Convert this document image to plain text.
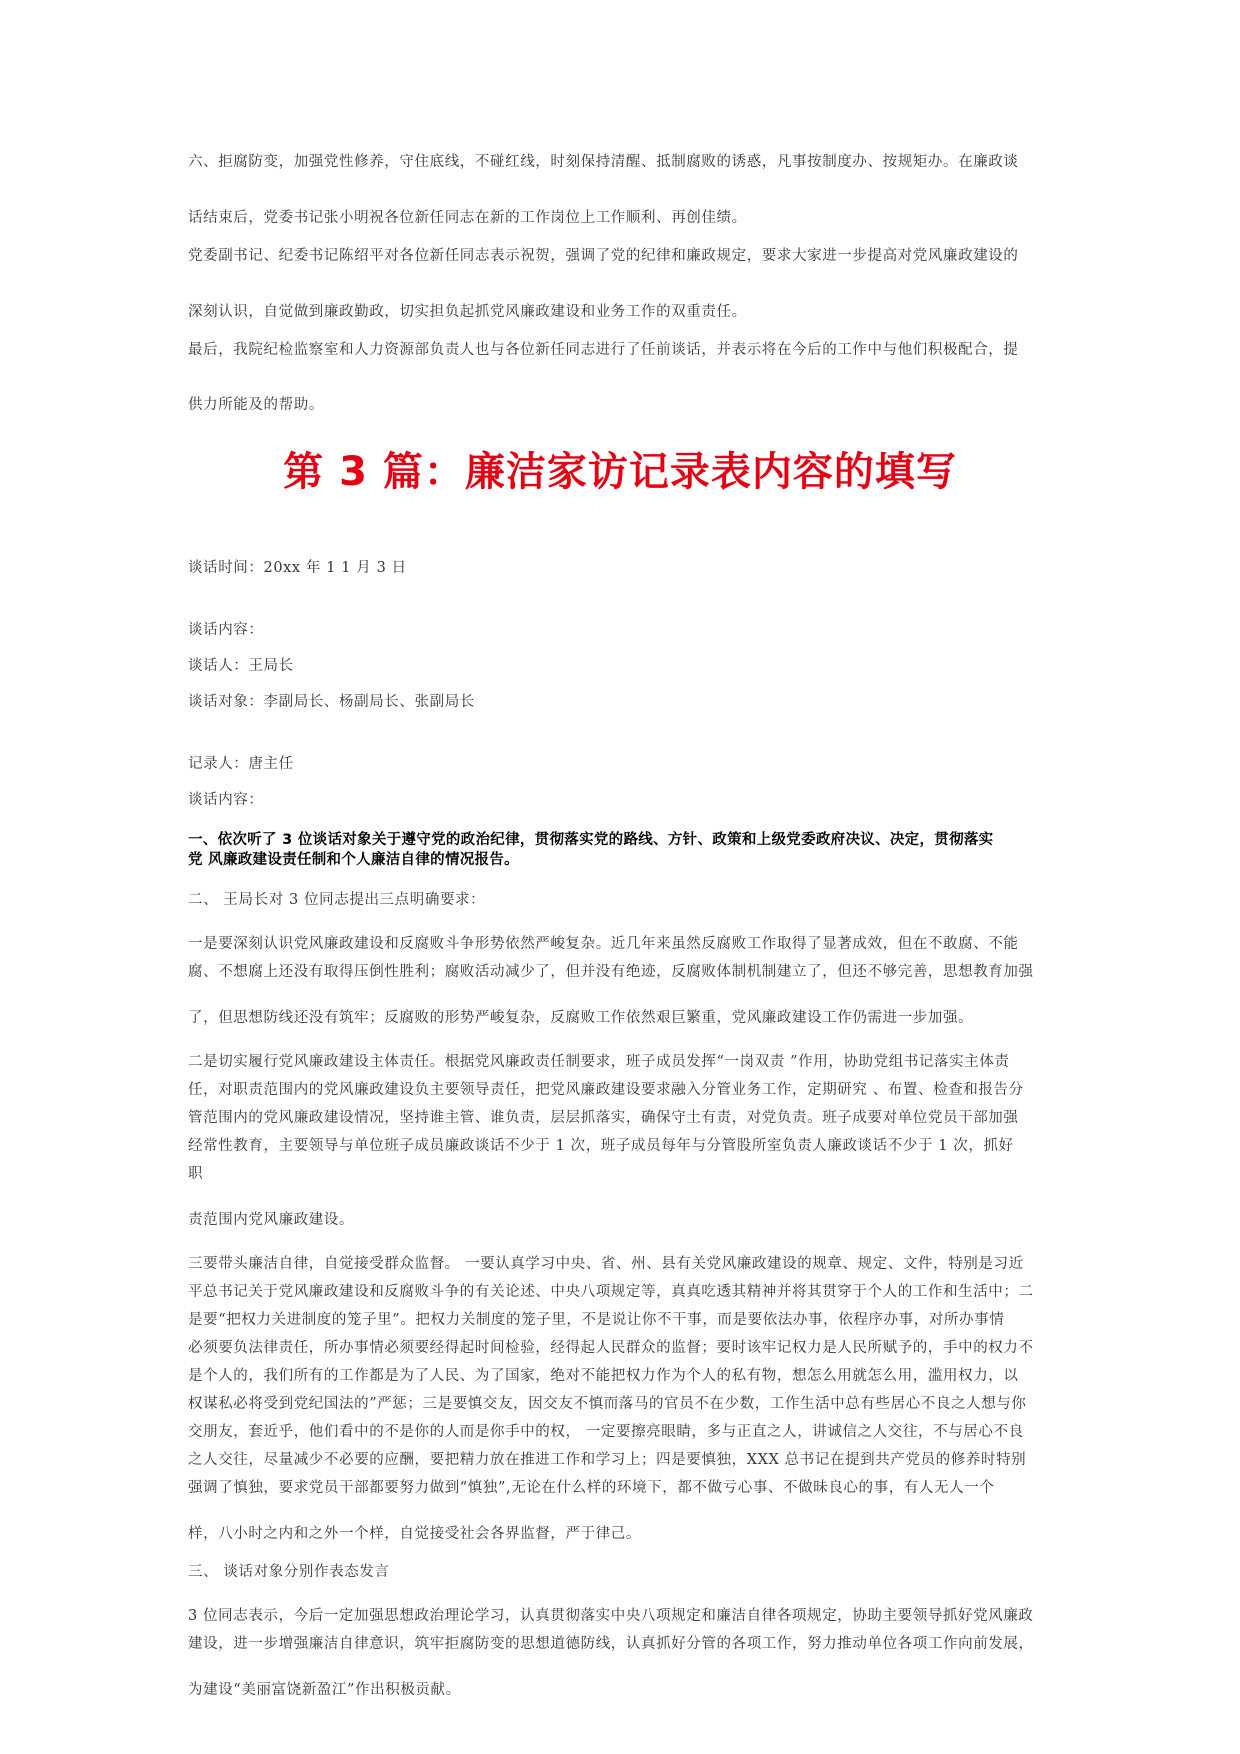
六、拒腐防变，加强党性修养，守住底线，不碰红线，时刻保持清醒、抵制腐败的诱惑，凡事按制度办、按规矩办。在廉政谈
话结束后，党委书记张小明祝各位新任同志在新的工作岗位上工作顺利、再创佳绩。
党委副书记、纪委书记陈绍平对各位新任同志表示祝贺，强调了党的纪律和廉政规定，要求大家进一步提高对党风廉政建设的
深刻认识，自觉做到廉政勤政，切实担负起抓党风廉政建设和业务工作的双重责任。
最后，我院纪检监察室和人力资源部负责人也与各位新任同志进行了任前谈话，并表示将在今后的工作中与他们积极配合，提
供力所能及的帮助。
第 3 篇：廉洁家访记录表内容的填写
谈话时间：20xx 年 1 1 月 3 日
谈话内容：
谈话人：王局长
谈话对象：李副局长、杨副局长、张副局长
记录人：唐主任
谈话内容：
一、依次听了 3 位谈话对象关于遵守党的政治纪律，贯彻落实党的路线、方针、政策和上级党委政府决议、决定，贯彻落实
党 风廉政建设责任制和个人廉洁自律的情况报告。
二、 王局长对 3 位同志提出三点明确要求：
一是要深刻认识党风廉政建设和反腐败斗争形势依然严峻复杂。近几年来虽然反腐败工作取得了显著成效，但在不敢腐、不能
腐、不想腐上还没有取得压倒性胜利；腐败活动减少了，但并没有绝迹，反腐败体制机制建立了，但还不够完善，思想教育加强
了，但思想防线还没有筑牢；反腐败的形势严峻复杂，反腐败工作依然艰巨繁重，党风廉政建设工作仍需进一步加强。
二是切实履行党风廉政建设主体责任。根据党风廉政责任制要求，班子成员发挥“一岗双责 ”作用，协助党组书记落实主体责
任，对职责范围内的党风廉政建设负主要领导责任，把党风廉政建设要求融入分管业务工作，定期研究 、布置、检查和报告分
管范围内的党风廉政建设情况，坚持谁主管、谁负责，层层抓落实，确保守土有责，对党负责。班子成要对单位党员干部加强
经常性教育，主要领导与单位班子成员廉政谈话不少于 1 次，班子成员每年与分管股所室负责人廉政谈话不少于 1 次，抓好
职
责范围内党风廉政建设。
三要带头廉洁自律，自觉接受群众监督。 一要认真学习中央、省、州、县有关党风廉政建设的规章、规定、文件，特别是习近
平总书记关于党风廉政建设和反腐败斗争的有关论述、中央八项规定等，真真吃透其精神并将其贯穿于个人的工作和生活中；二
是要“把权力关进制度的笼子里”。把权力关制度的笼子里，不是说让你不干事，而是要依法办事，依程序办事，对所办事情
必须要负法律责任，所办事情必须要经得起时间检验，经得起人民群众的监督；要时该牢记权力是人民所赋予的，手中的权力不
是个人的，我们所有的工作都是为了人民、为了国家，绝对不能把权力作为个人的私有物，想怎么用就怎么用，滥用权力，以
权谋私必将受到党纪国法的”严惩；三是要慎交友，因交友不慎而落马的官员不在少数，工作生活中总有些居心不良之人想与你
交朋友，套近乎，他们看中的不是你的人而是你手中的权， 一定要擦亮眼睛，多与正直之人，讲诚信之人交往，不与居心不良
之人交往，尽量减少不必要的应酬，要把精力放在推进工作和学习上；四是要慎独，XXX 总书记在提到共产党员的修养时特别
强调了慎独，要求党员干部都要努力做到“慎独”,无论在什么样的环境下，都不做亏心事、不做昧良心的事，有人无人一个
样，八小时之内和之外一个样，自觉接受社会各界监督，严于律己。
三、 谈话对象分别作表态发言
3 位同志表示，今后一定加强思想政治理论学习，认真贯彻落实中央八项规定和廉洁自律各项规定，协助主要领导抓好党风廉政
建设，进一步增强廉洁自律意识，筑牢拒腐防变的思想道德防线，认真抓好分管的各项工作，努力推动单位各项工作向前发展，
为建设“美丽富饶新盈江”作出积极贡献。
